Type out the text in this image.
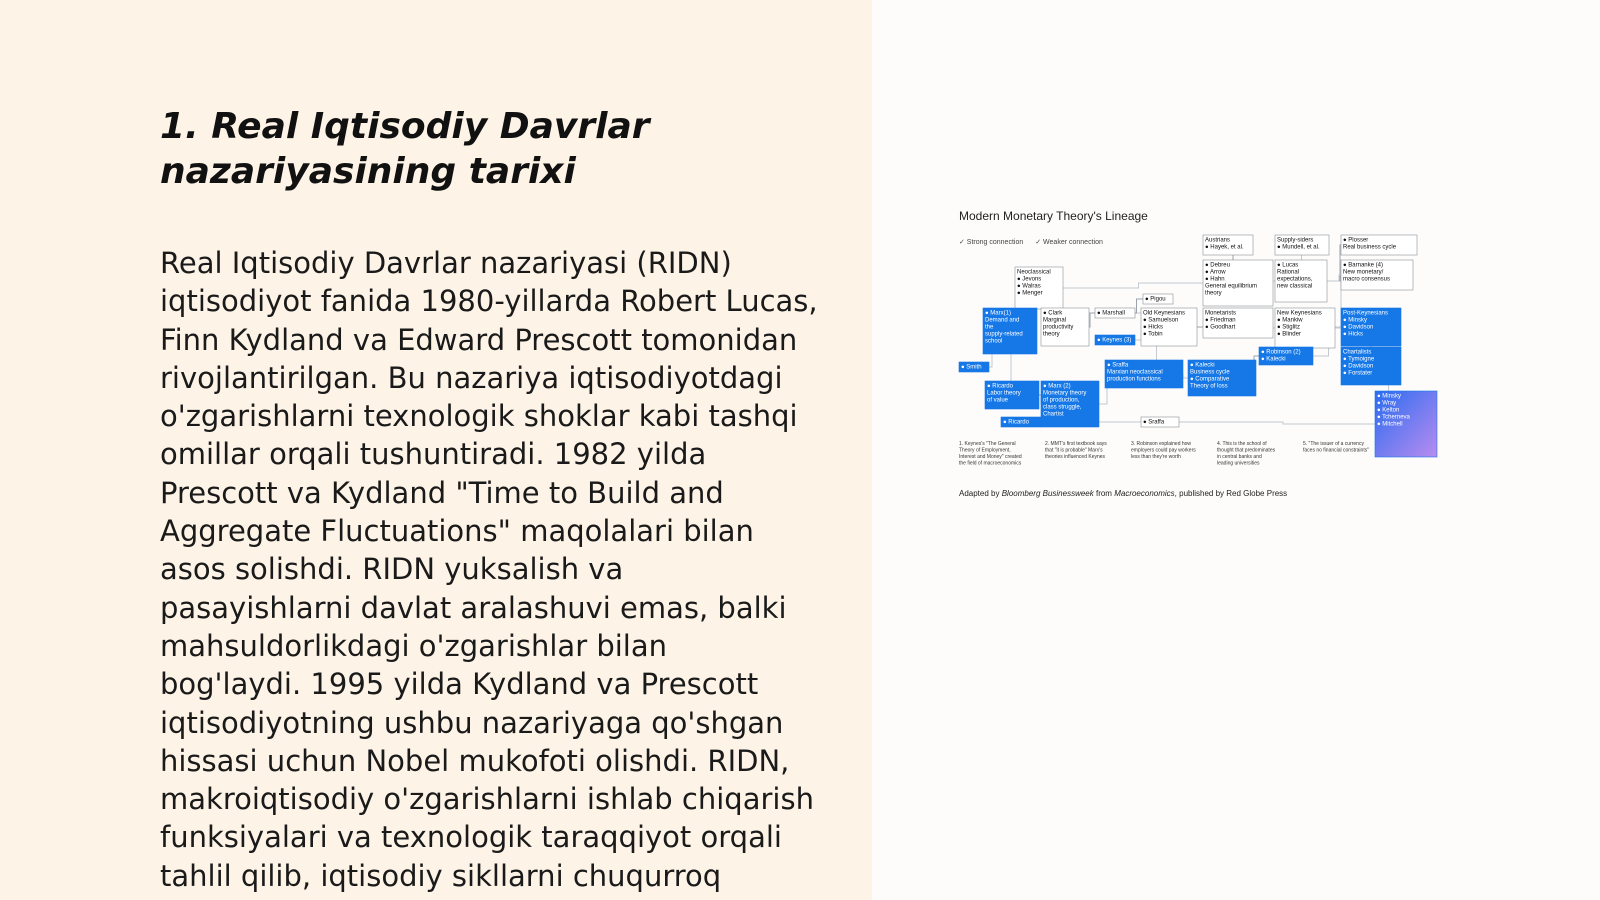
1. Real Iqtisodiy Davrlar nazariyasining tarixi

Real Iqtisodiy Davrlar nazariyasi (RIDN)
iqtisodiyot fanida 1980-yillarda Robert Lucas,
Finn Kydland va Edward Prescott tomonidan
rivojlantirilgan. Bu nazariya iqtisodiyotdagi
o'zgarishlarni texnologik shoklar kabi tashqi
omillar orqali tushuntiradi. 1982 yilda
Prescott va Kydland "Time to Build and
Aggregate Fluctuations" maqolalari bilan
asos solishdi. RIDN yuksalish va
pasayishlarni davlat aralashuvi emas, balki
mahsuldorlikdagi o'zgarishlar bilan
bog'laydi. 1995 yilda Kydland va Prescott
iqtisodiyotning ushbu nazariyaga qo'shgan
hissasi uchun Nobel mukofoti olishdi. RIDN,
makroiqtisodiy o'zgarishlarni ishlab chiqarish
funksiyalari va texnologik taraqqiyot orqali
tahlil qilib, iqtisodiy sikllarni chuqurroq

Austrians
● Hayek, et al.
Supply-siders
● Mundell, et al.
● Plosser
Real business cycle
Neoclassical
● Jevons
● Walras
● Menger
● Debreu
● Arrow
● Hahn
General equilibrium
theory
● Lucas
Rational
expectations,
new classical
● Barnanke (4)
New monetary/
macro consensus
● Pigou
● Marx(1)
Demand and
the
supply-related
school
● Clark
Marginal
productivity
theory
● Marshall	Old Keynesians
● Samuelson
● Hicks
● Tobin
Monetarists
● Friedman
● Goodhart
New Keynesians
● Mankiw
● Stiglitz
● Blinder
Post-Keynesians
● Minsky
● Davidson
● Hicks
● Keynes (3)
● Smith	● Sraffa
Marxian neoclassical
production functions
● Kalecki
Business cycle
● Comparative
Theory of loss
● Robinson (2)
● Kalecki
Chartalists
● Tymoigne
● Davidson
● Forstater
● Ricardo
Labor theory
of value
● Marx (2)
Monetary theory
of production,
class struggle,
Chartist
● Ricardo	● Sraffa
● Minsky
● Wray
● Kelton
● Tcherneva
● Mitchell
1. Keynes's "The General
Theory of Employment,
Interest and Money" created
the field of macroeconomics
2. MMT's first textbook says
that "it is probable" Marx's
theories influenced Keynes
3. Robinson explained how
employers could pay workers
less than they're worth
4. This is the school of
thought that predominates
in central banks and
leading universities
5. "The issuer of a currency
faces no financial constraints"
Modern Monetary Theory's Lineage
✓ Strong connection ✓ Weaker connection
Adapted by Bloomberg Businessweek from Macroeconomics, published by Red Globe Press
